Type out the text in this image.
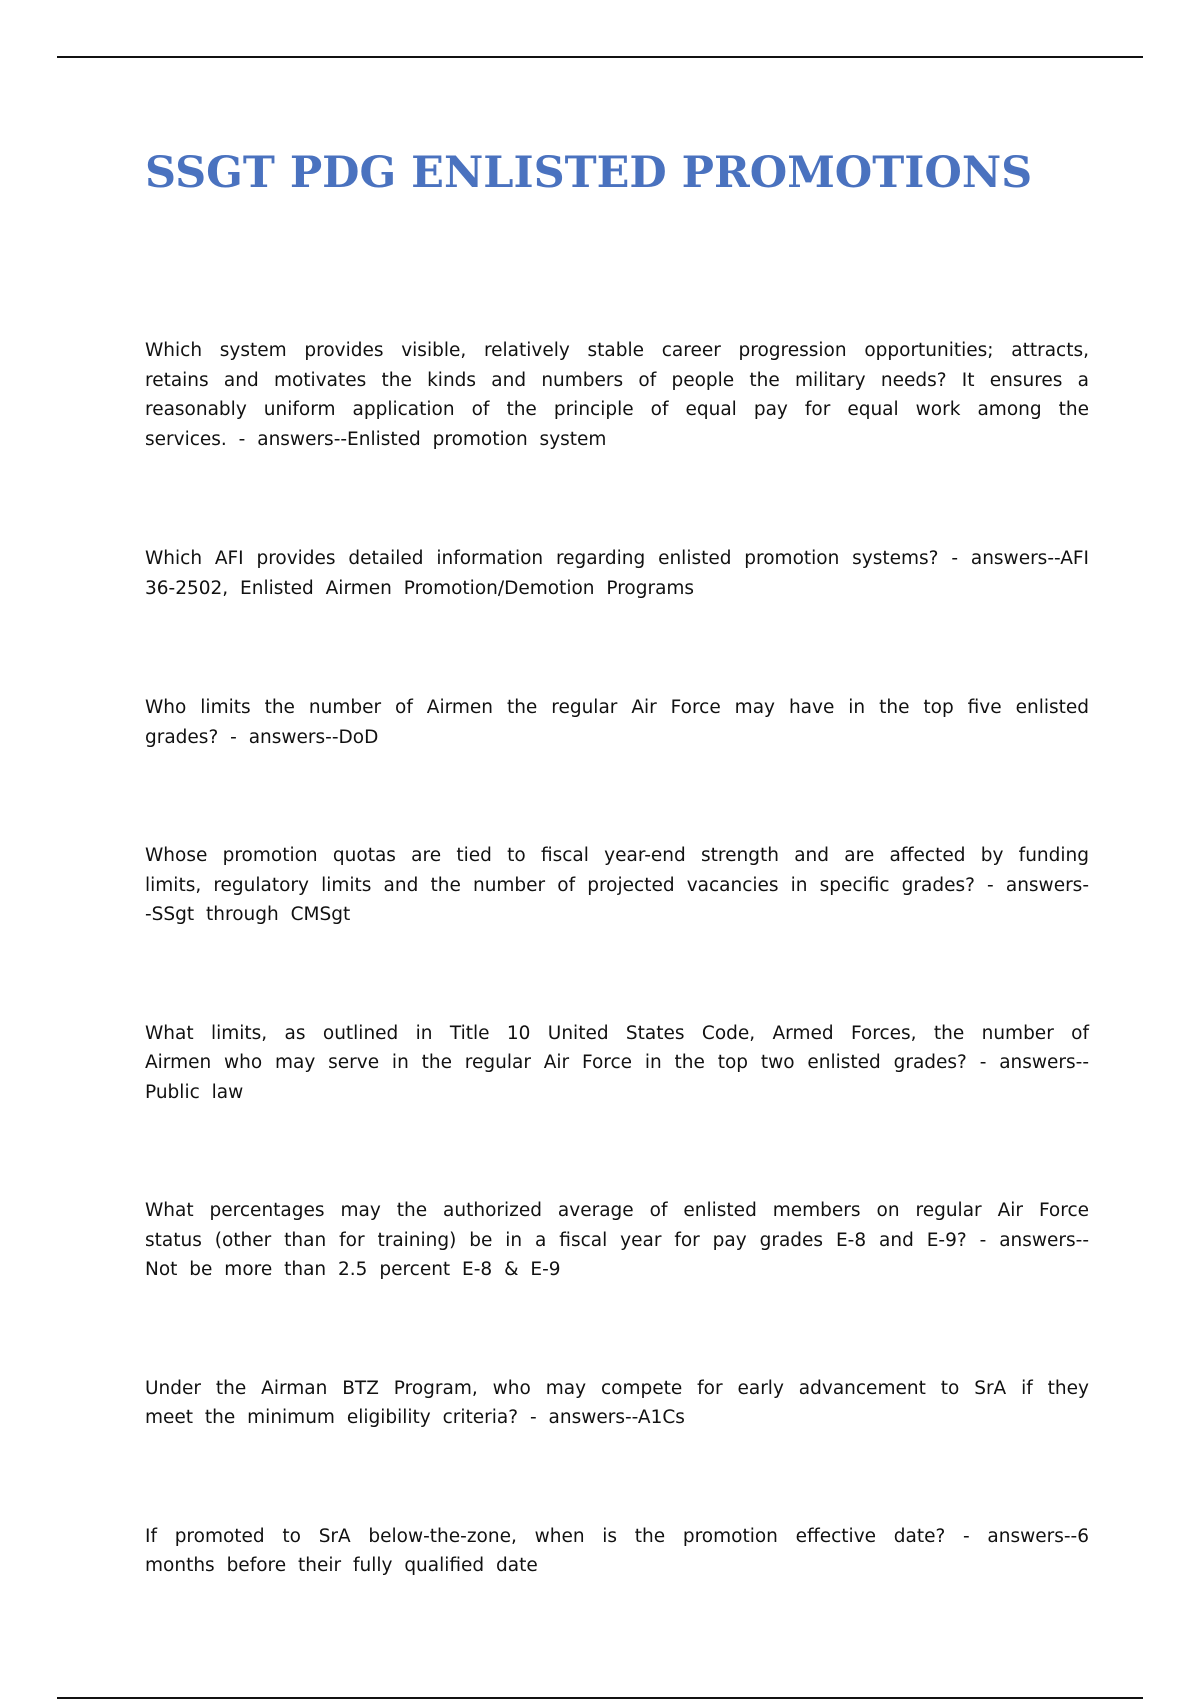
SSGT PDG ENLISTED PROMOTIONS
Which system provides visible, relatively stable career progression opportunities; attracts, retains and motivates the kinds and numbers of people the military needs? It ensures a reasonably uniform application of the principle of equal pay for equal work among the services. - answers--Enlisted promotion system
Which AFI provides detailed information regarding enlisted promotion systems? - answers--AFI 36-2502, Enlisted Airmen Promotion/Demotion Programs
Who limits the number of Airmen the regular Air Force may have in the top five enlisted grades? - answers--DoD
Whose promotion quotas are tied to fiscal year-end strength and are affected by funding limits, regulatory limits and the number of projected vacancies in specific grades? - answers--SSgt through CMSgt
What limits, as outlined in Title 10 United States Code, Armed Forces, the number of Airmen who may serve in the regular Air Force in the top two enlisted grades? - answers--Public law
What percentages may the authorized average of enlisted members on regular Air Force status (other than for training) be in a fiscal year for pay grades E-8 and E-9? - answers--Not be more than 2.5 percent E-8 & E-9
Under the Airman BTZ Program, who may compete for early advancement to SrA if they meet the minimum eligibility criteria? - answers--A1Cs
If promoted to SrA below-the-zone, when is the promotion effective date? - answers--6 months before their fully qualified date
